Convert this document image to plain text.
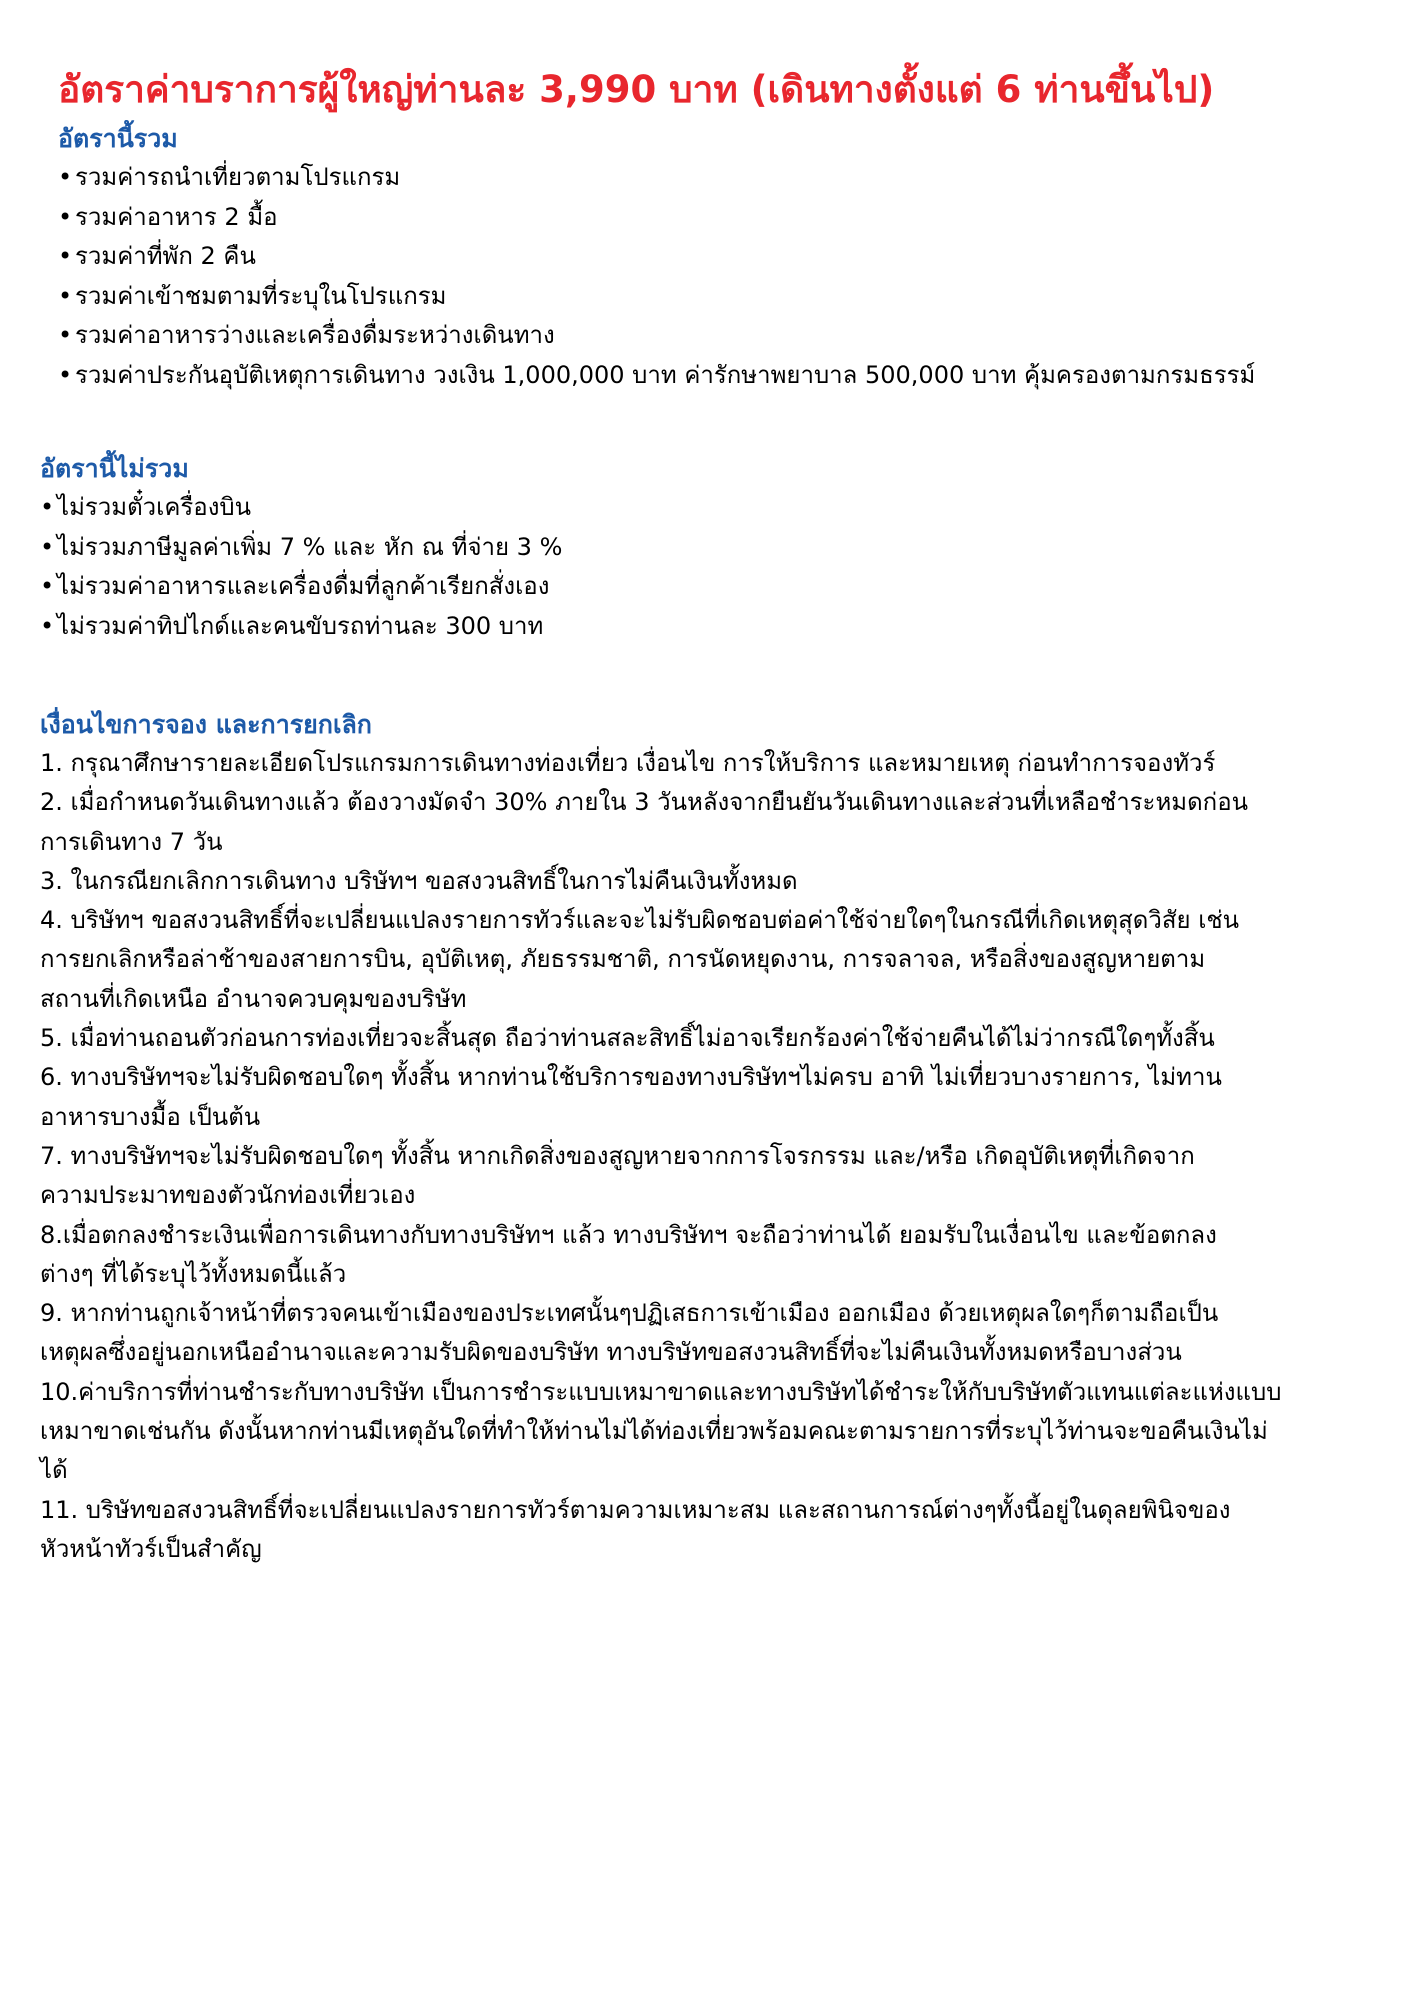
อัตราค่าบราการผู้ใหญ่ท่านละ 3,990 บาท (เดินทางตั้งแต่ 6 ท่านขึ้นไป)
อัตรานี้รวม
• รวมค่ารถนำเที่ยวตามโปรแกรม
• รวมค่าอาหาร 2 มื้อ
• รวมค่าที่พัก 2 คืน
• รวมค่าเข้าชมตามที่ระบุในโปรแกรม
• รวมค่าอาหารว่างและเครื่องดื่มระหว่างเดินทาง
• รวมค่าประกันอุบัติเหตุการเดินทาง วงเงิน 1,000,000 บาท ค่ารักษาพยาบาล 500,000 บาท คุ้มครองตามกรมธรรม์
อัตรานี้ไม่รวม
• ไม่รวมตั๋วเครื่องบิน
• ไม่รวมภาษีมูลค่าเพิ่ม 7 % และ หัก ณ ที่จ่าย 3 %
• ไม่รวมค่าอาหารและเครื่องดื่มที่ลูกค้าเรียกสั่งเอง
• ไม่รวมค่าทิปไกด์และคนขับรถท่านละ 300 บาท
เงื่อนไขการจอง และการยกเลิก
1. กรุณาศึกษารายละเอียดโปรแกรมการเดินทางท่องเที่ยว เงื่อนไข การให้บริการ และหมายเหตุ ก่อนทำการจองทัวร์
2. เมื่อกำหนดวันเดินทางแล้ว ต้องวางมัดจำ 30% ภายใน 3 วันหลังจากยืนยันวันเดินทางและส่วนที่เหลือชำระหมดก่อน
การเดินทาง 7 วัน
3. ในกรณียกเลิกการเดินทาง บริษัทฯ ขอสงวนสิทธิ์ในการไม่คืนเงินทั้งหมด
4. บริษัทฯ ขอสงวนสิทธิ์ที่จะเปลี่ยนแปลงรายการทัวร์และจะไม่รับผิดชอบต่อค่าใช้จ่ายใดๆในกรณีที่เกิดเหตุสุดวิสัย เช่น
การยกเลิกหรือล่าช้าของสายการบิน, อุบัติเหตุ, ภัยธรรมชาติ, การนัดหยุดงาน, การจลาจล, หรือสิ่งของสูญหายตาม
สถานที่เกิดเหนือ อำนาจควบคุมของบริษัท
5. เมื่อท่านถอนตัวก่อนการท่องเที่ยวจะสิ้นสุด ถือว่าท่านสละสิทธิ์ไม่อาจเรียกร้องค่าใช้จ่ายคืนได้ไม่ว่ากรณีใดๆทั้งสิ้น
6. ทางบริษัทฯจะไม่รับผิดชอบใดๆ ทั้งสิ้น หากท่านใช้บริการของทางบริษัทฯไม่ครบ อาทิ ไม่เที่ยวบางรายการ, ไม่ทาน
อาหารบางมื้อ เป็นต้น
7. ทางบริษัทฯจะไม่รับผิดชอบใดๆ ทั้งสิ้น หากเกิดสิ่งของสูญหายจากการโจรกรรม และ/หรือ เกิดอุบัติเหตุที่เกิดจาก
ความประมาทของตัวนักท่องเที่ยวเอง
8.เมื่อตกลงชำระเงินเพื่อการเดินทางกับทางบริษัทฯ แล้ว ทางบริษัทฯ จะถือว่าท่านได้ ยอมรับในเงื่อนไข และข้อตกลง
ต่างๆ ที่ได้ระบุไว้ทั้งหมดนี้แล้ว
9. หากท่านถูกเจ้าหน้าที่ตรวจคนเข้าเมืองของประเทศนั้นๆปฏิเสธการเข้าเมือง ออกเมือง ด้วยเหตุผลใดๆก็ตามถือเป็น
เหตุผลซึ่งอยู่นอกเหนืออำนาจและความรับผิดของบริษัท ทางบริษัทขอสงวนสิทธิ์ที่จะไม่คืนเงินทั้งหมดหรือบางส่วน
10.ค่าบริการที่ท่านชำระกับทางบริษัท เป็นการชำระแบบเหมาขาดและทางบริษัทได้ชำระให้กับบริษัทตัวแทนแต่ละแห่งแบบ
เหมาขาดเช่นกัน ดังนั้นหากท่านมีเหตุอันใดที่ทำให้ท่านไม่ได้ท่องเที่ยวพร้อมคณะตามรายการที่ระบุไว้ท่านจะขอคืนเงินไม่
ได้
11. บริษัทขอสงวนสิทธิ์ที่จะเปลี่ยนแปลงรายการทัวร์ตามความเหมาะสม และสถานการณ์ต่างๆทั้งนี้อยู่ในดุลยพินิจของ
หัวหน้าทัวร์เป็นสำคัญ
